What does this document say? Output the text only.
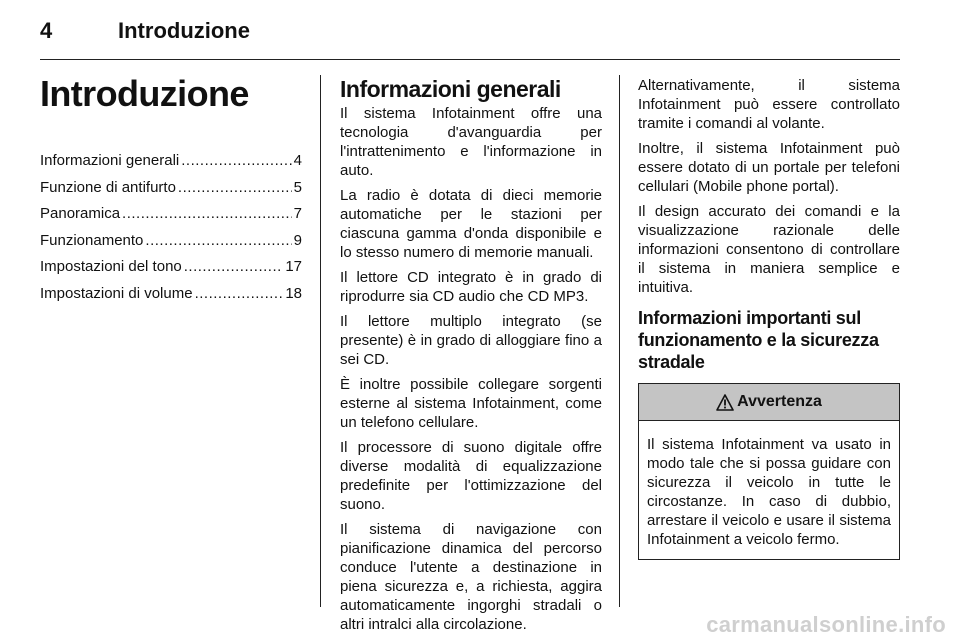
4	Introduzione
Introduzione
Informazioni generali .....	4
Funzione di antifurto .....	5
Panoramica .....	7
Funzionamento .....	9
Impostazioni del tono .....	17
Impostazioni di volume .....	18
Informazioni generali

Il sistema Infotainment offre una tecnologia d'avanguardia per l'intrattenimento e l'informazione in auto.

La radio è dotata di dieci memorie automatiche per le stazioni per ciascuna gamma d'onda disponibile e lo stesso numero di memorie manuali.

Il lettore CD integrato è in grado di riprodurre sia CD audio che CD MP3.

Il lettore multiplo integrato (se presente) è in grado di alloggiare fino a sei CD.

È inoltre possibile collegare sorgenti esterne al sistema Infotainment, come un telefono cellulare.

Il processore di suono digitale offre diverse modalità di equalizzazione predefinite per l'ottimizzazione del suono.

Il sistema di navigazione con pianificazione dinamica del percorso conduce l'utente a destinazione in piena sicurezza e, a richiesta, aggira automaticamente ingorghi stradali o altri intralci alla circolazione.

Alternativamente, il sistema Infotainment può essere controllato tramite i comandi al volante.

Inoltre, il sistema Infotainment può essere dotato di un portale per telefoni cellulari (Mobile phone portal).

Il design accurato dei comandi e la visualizzazione razionale delle informazioni consentono di controllare il sistema in maniera semplice e intuitiva.

Informazioni importanti sul funzionamento e la sicurezza stradale
Avvertenza

Il sistema Infotainment va usato in modo tale che si possa guidare con sicurezza il veicolo in tutte le circostanze. In caso di dubbio, arrestare il veicolo e usare il sistema Infotainment a veicolo fermo.

carmanualsonline.info
